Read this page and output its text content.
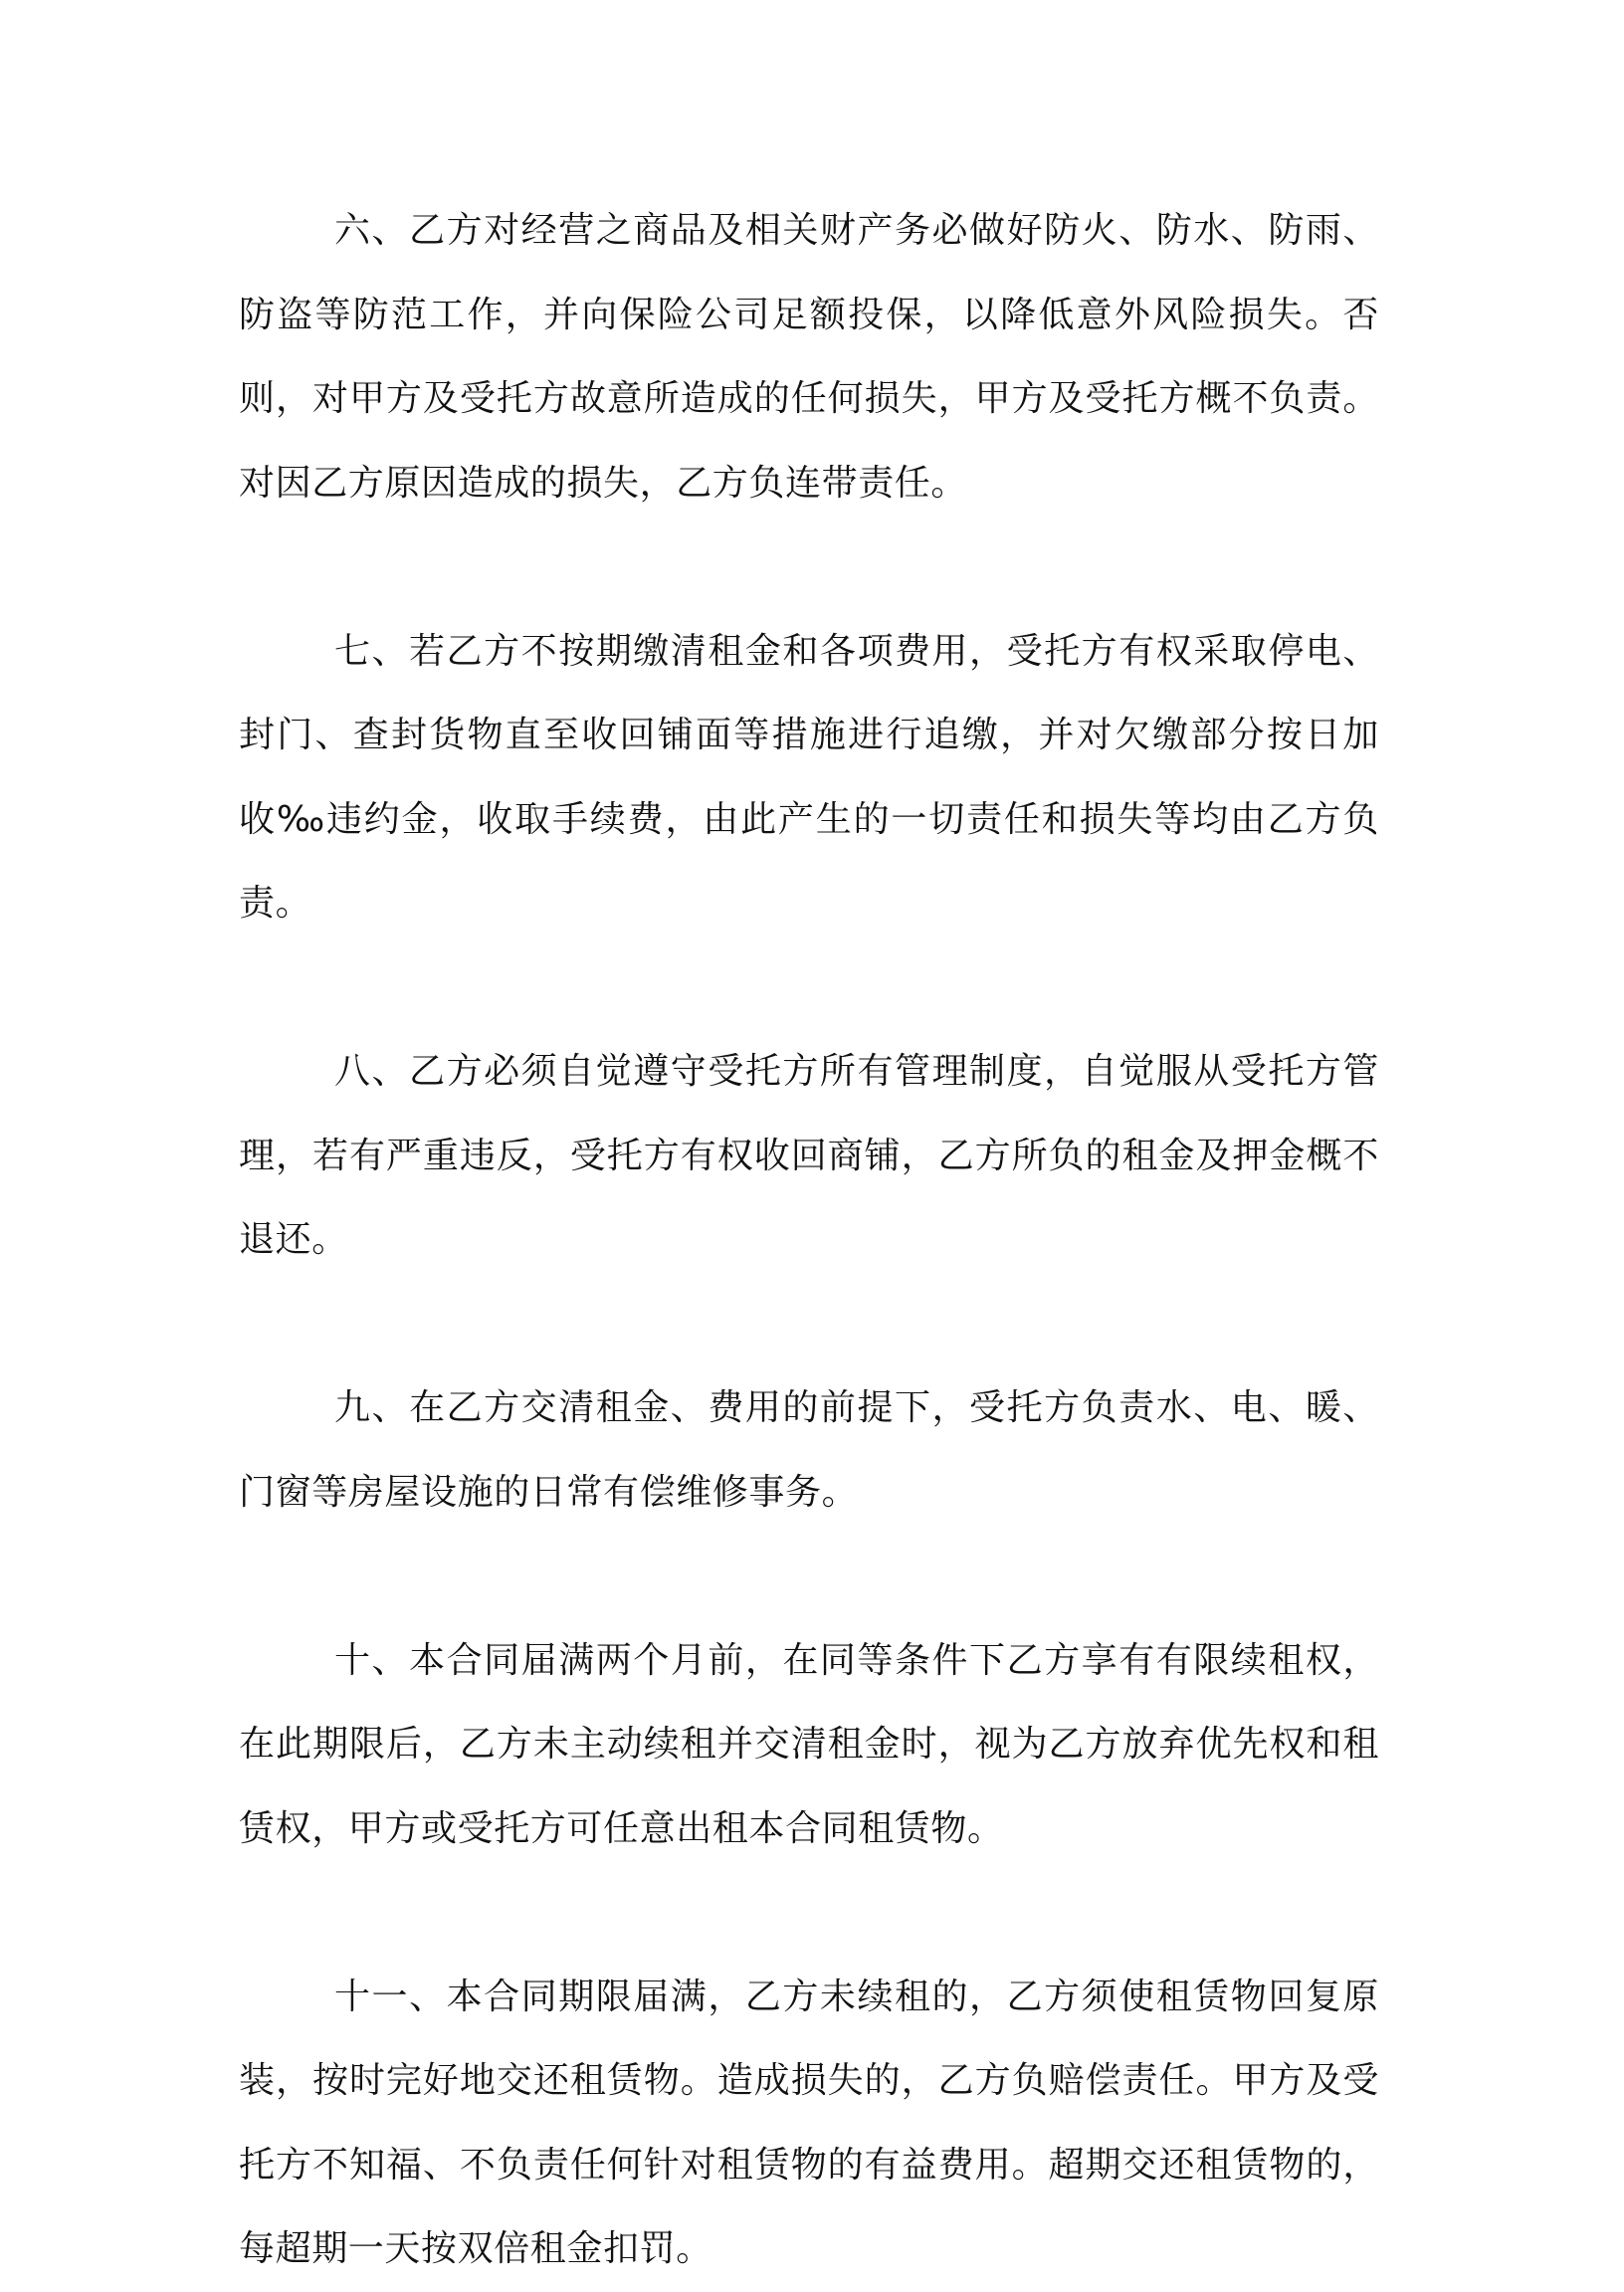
六、乙方对经营之商品及相关财产务必做好防火、防水、防雨、防盗等防范工作，并向保险公司足额投保，以降低意外风险损失。否则，对甲方及受托方故意所造成的任何损失，甲方及受托方概不负责。对因乙方原因造成的损失，乙方负连带责任。

七、若乙方不按期缴清租金和各项费用，受托方有权采取停电、封门、查封货物直至收回铺面等措施进行追缴，并对欠缴部分按日加收‰违约金，收取手续费，由此产生的一切责任和损失等均由乙方负责。

八、乙方必须自觉遵守受托方所有管理制度，自觉服从受托方管理，若有严重违反，受托方有权收回商铺，乙方所负的租金及押金概不退还。

九、在乙方交清租金、费用的前提下，受托方负责水、电、暖、门窗等房屋设施的日常有偿维修事务。

十、本合同届满两个月前，在同等条件下乙方享有有限续租权，在此期限后，乙方未主动续租并交清租金时，视为乙方放弃优先权和租赁权，甲方或受托方可任意出租本合同租赁物。

十一、本合同期限届满，乙方未续租的，乙方须使租赁物回复原装，按时完好地交还租赁物。造成损失的，乙方负赔偿责任。甲方及受托方不知福、不负责任何针对租赁物的有益费用。超期交还租赁物的，每超期一天按双倍租金扣罚。
